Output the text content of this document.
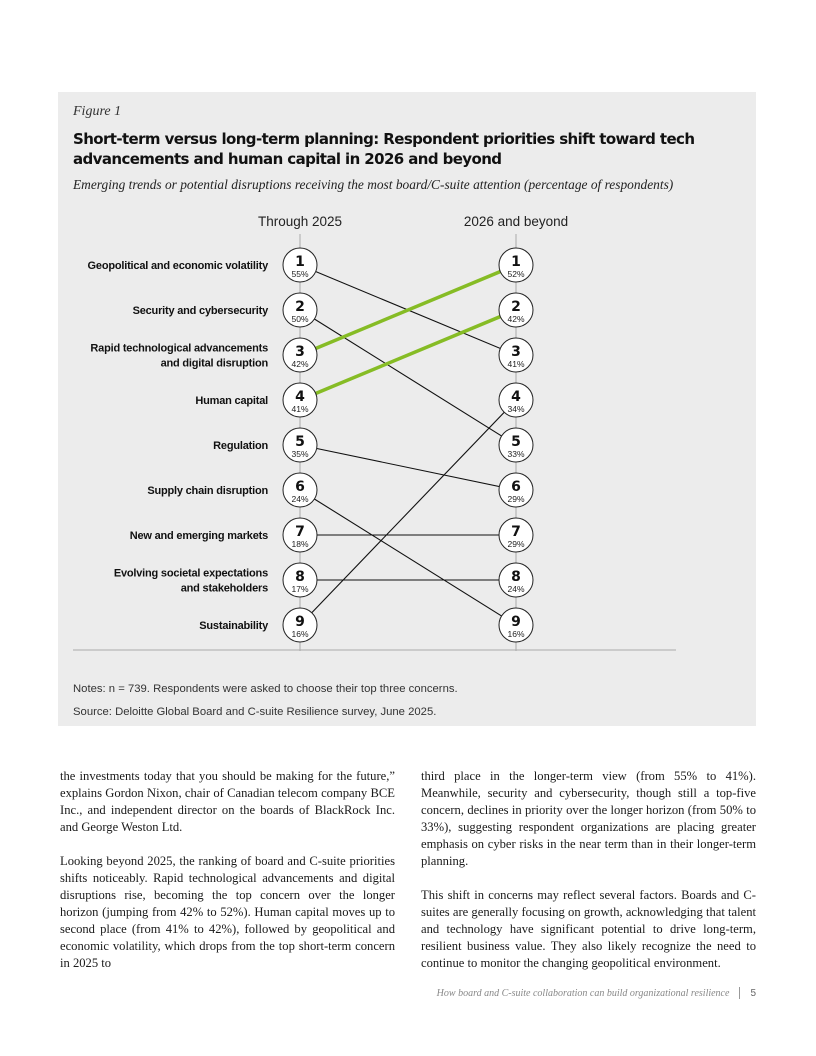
Figure 1
Short-term versus long-term planning: Respondent priorities shift toward tech advancements and human capital in 2026 and beyond
Emerging trends or potential disruptions receiving the most board/C-suite attention (percentage of respondents)
Through 2025	2026 and beyond
1
55%
2
50%
3
42%
4
41%
5
35%
6
24%
7
18%
8
17%
9
16%
1
52%
2
42%
3
41%
4
34%
5
33%
6
29%
7
29%
8
24%
9
16%
Geopolitical and economic volatility
Security and cybersecurity
Rapid technological advancements and digital disruption
Human capital
Regulation
Supply chain disruption
New and emerging markets
Evolving societal expectations and stakeholders
Sustainability
Notes: n = 739. Respondents were asked to choose their top three concerns.
Source: Deloitte Global Board and C-suite Resilience survey, June 2025.

the investments today that you should be making for the future,” explains Gordon Nixon, chair of Canadian telecom company BCE Inc., and independent director on the boards of BlackRock Inc. and George Weston Ltd.

Looking beyond 2025, the ranking of board and C-suite priorities shifts noticeably. Rapid technological advancements and digital disruptions rise, becoming the top concern over the longer horizon (jumping from 42% to 52%). Human capital moves up to second place (from 41% to 42%), followed by geopolitical and economic volatility, which drops from the top short-term concern in 2025 to

third place in the longer-term view (from 55% to 41%). Meanwhile, security and cybersecurity, though still a top-five concern, declines in priority over the longer horizon (from 50% to 33%), suggesting respondent organizations are placing greater emphasis on cyber risks in the near term than in their longer-term planning.

This shift in concerns may reflect several factors. Boards and C-suites are generally focusing on growth, acknowledging that talent and technology have significant potential to drive long-term, resilient business value. They also likely recognize the need to continue to monitor the changing geopolitical environment.

How board and C-suite collaboration can build organizational resilience 5
